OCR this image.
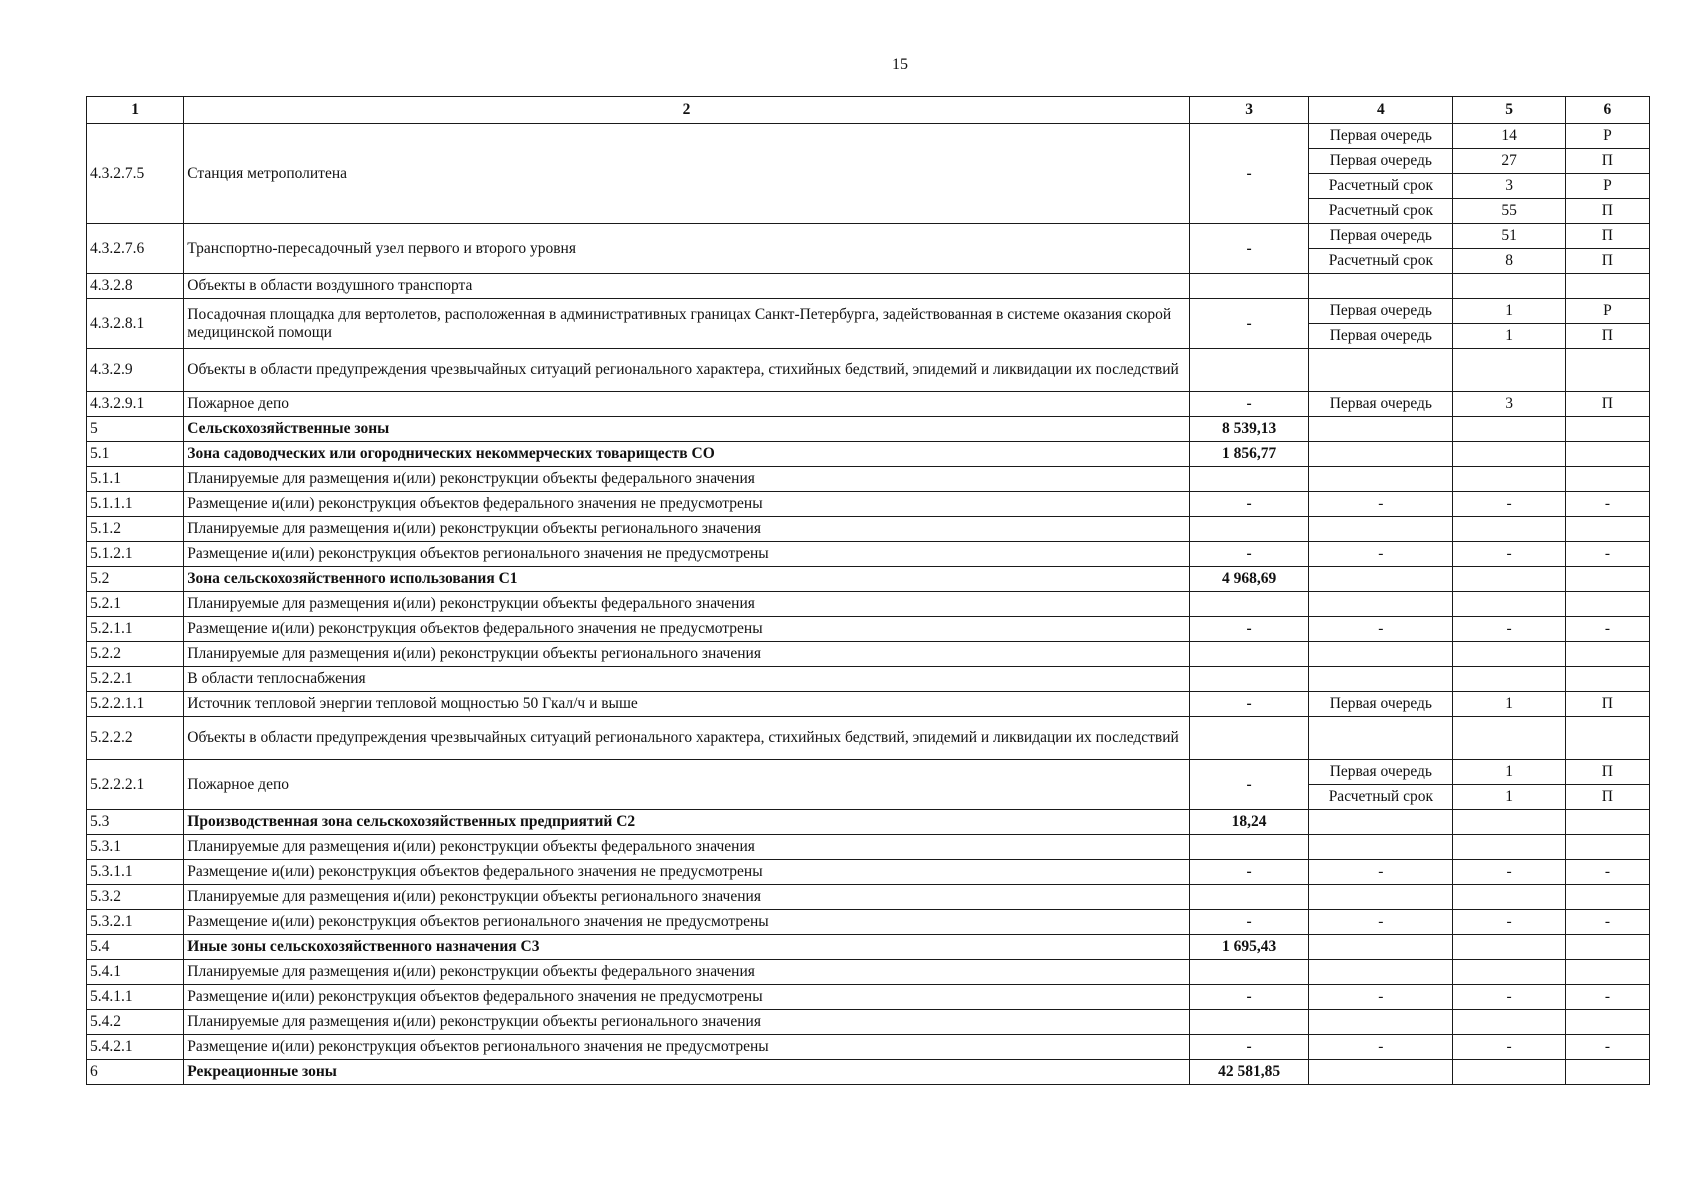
15
1	2	3	4	5	6
4.3.2.7.5	Станция метрополитена	-	Первая очередь	14	Р
			Первая очередь	27	П
			Расчетный срок	3	Р
			Расчетный срок	55	П
4.3.2.7.6	Транспортно-пересадочный узел первого и второго уровня	-	Первая очередь	51	П
			Расчетный срок	8	П
4.3.2.8	Объекты в области воздушного транспорта				
4.3.2.8.1	Посадочная площадка для вертолетов, расположенная в административных границах Санкт-Петербурга, задействованная в системе оказания скорой медицинской помощи	-	Первая очередь	1	Р
			Первая очередь	1	П
4.3.2.9	Объекты в области предупреждения чрезвычайных ситуаций регионального характера, стихийных бедствий, эпидемий и ликвидации их последствий				
4.3.2.9.1	Пожарное депо	-	Первая очередь	3	П
5	Сельскохозяйственные зоны	8 539,13			
5.1	Зона садоводческих или огороднических некоммерческих товариществ СО	1 856,77			
5.1.1	Планируемые для размещения и(или) реконструкции объекты федерального значения				
5.1.1.1	Размещение и(или) реконструкция объектов федерального значения не предусмотрены	-	-	-	-
5.1.2	Планируемые для размещения и(или) реконструкции объекты регионального значения				
5.1.2.1	Размещение и(или) реконструкция объектов регионального значения не предусмотрены	-	-	-	-
5.2	Зона сельскохозяйственного использования С1	4 968,69			
5.2.1	Планируемые для размещения и(или) реконструкции объекты федерального значения				
5.2.1.1	Размещение и(или) реконструкция объектов федерального значения не предусмотрены	-	-	-	-
5.2.2	Планируемые для размещения и(или) реконструкции объекты регионального значения				
5.2.2.1	В области теплоснабжения				
5.2.2.1.1	Источник тепловой энергии тепловой мощностью 50 Гкал/ч и выше	-	Первая очередь	1	П
5.2.2.2	Объекты в области предупреждения чрезвычайных ситуаций регионального характера, стихийных бедствий, эпидемий и ликвидации их последствий				
5.2.2.2.1	Пожарное депо	-	Первая очередь	1	П
			Расчетный срок	1	П
5.3	Производственная зона сельскохозяйственных предприятий С2	18,24			
5.3.1	Планируемые для размещения и(или) реконструкции объекты федерального значения				
5.3.1.1	Размещение и(или) реконструкция объектов федерального значения не предусмотрены	-	-	-	-
5.3.2	Планируемые для размещения и(или) реконструкции объекты регионального значения				
5.3.2.1	Размещение и(или) реконструкция объектов регионального значения не предусмотрены	-	-	-	-
5.4	Иные зоны сельскохозяйственного назначения С3	1 695,43			
5.4.1	Планируемые для размещения и(или) реконструкции объекты федерального значения				
5.4.1.1	Размещение и(или) реконструкция объектов федерального значения не предусмотрены	-	-	-	-
5.4.2	Планируемые для размещения и(или) реконструкции объекты регионального значения				
5.4.2.1	Размещение и(или) реконструкция объектов регионального значения не предусмотрены	-	-	-	-
6	Рекреационные зоны	42 581,85			
